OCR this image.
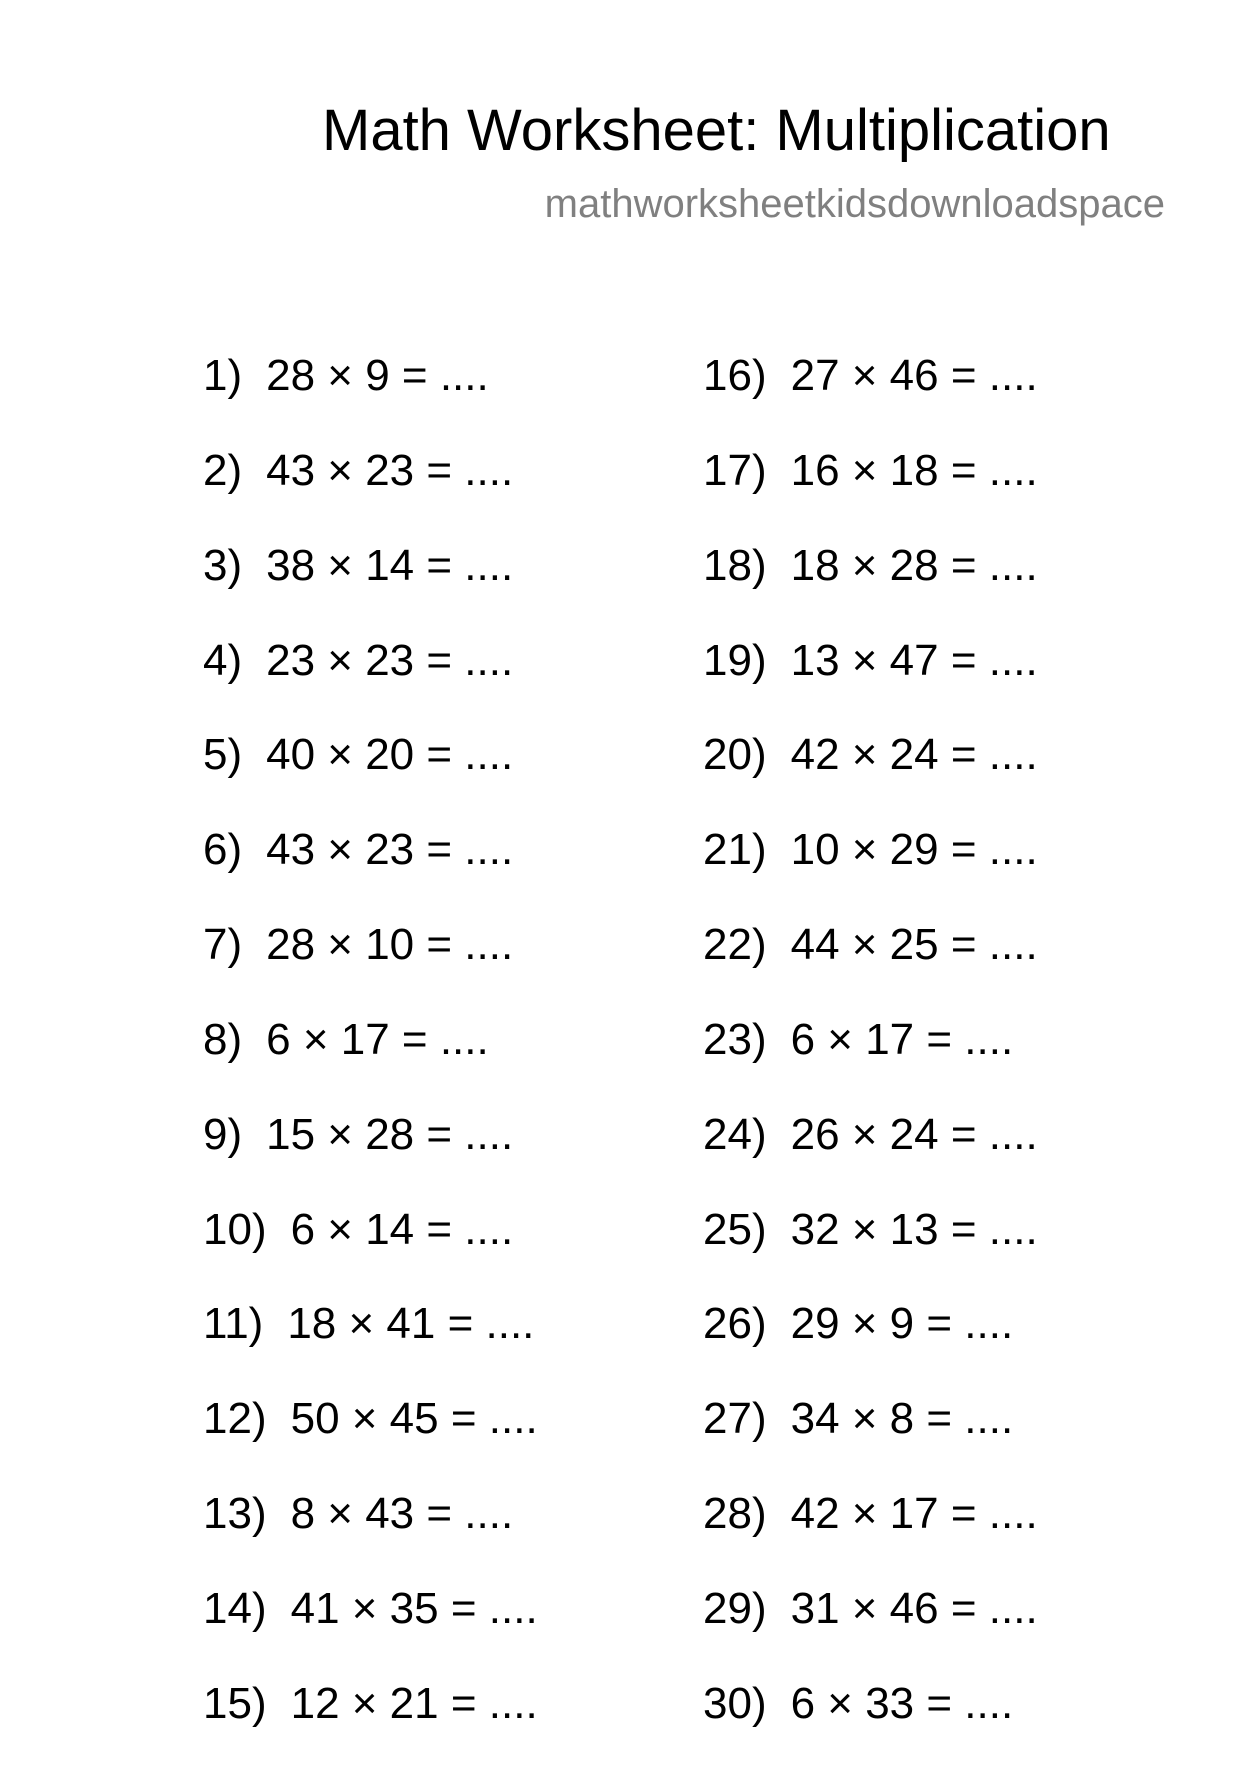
Math Worksheet: Multiplication
mathworksheetkidsdownloadspace
1) 28 × 9 = ....
2) 43 × 23 = ....
3) 38 × 14 = ....
4) 23 × 23 = ....
5) 40 × 20 = ....
6) 43 × 23 = ....
7) 28 × 10 = ....
8) 6 × 17 = ....
9) 15 × 28 = ....
10) 6 × 14 = ....
11) 18 × 41 = ....
12) 50 × 45 = ....
13) 8 × 43 = ....
14) 41 × 35 = ....
15) 12 × 21 = ....
16) 27 × 46 = ....
17) 16 × 18 = ....
18) 18 × 28 = ....
19) 13 × 47 = ....
20) 42 × 24 = ....
21) 10 × 29 = ....
22) 44 × 25 = ....
23) 6 × 17 = ....
24) 26 × 24 = ....
25) 32 × 13 = ....
26) 29 × 9 = ....
27) 34 × 8 = ....
28) 42 × 17 = ....
29) 31 × 46 = ....
30) 6 × 33 = ....
